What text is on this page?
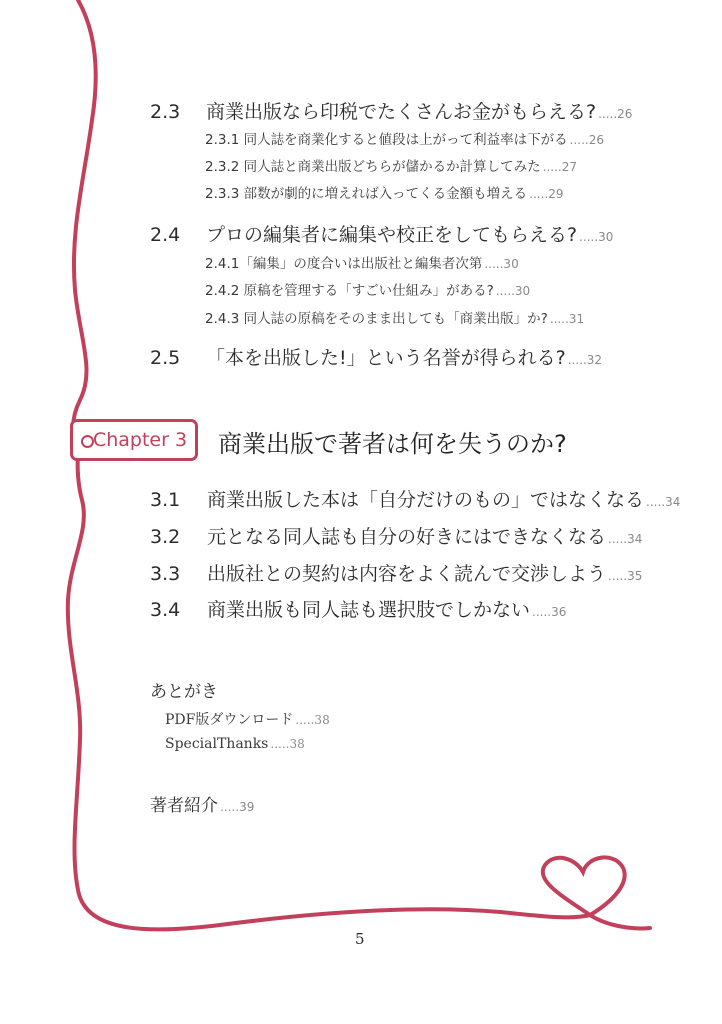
2.3	商業出版なら印税でたくさんお金がもらえる? .....26
2.3.1 同人誌を商業化すると値段は上がって利益率は下がる .....26
2.3.2 同人誌と商業出版どちらが儲かるか計算してみた .....27
2.3.3 部数が劇的に増えれば入ってくる金額も増える .....29
2.4	プロの編集者に編集や校正をしてもらえる? .....30
2.4.1「編集」の度合いは出版社と編集者次第 .....30
2.4.2 原稿を管理する「すごい仕組み」がある? .....30
2.4.3 同人誌の原稿をそのまま出しても「商業出版」か? .....31
2.5	「本を出版した!」という名誉が得られる? .....32
Chapter 3 商業出版で著者は何を失うのか?
3.1	商業出版した本は「自分だけのもの」ではなくなる .....34
3.2	元となる同人誌も自分の好きにはできなくなる .....34
3.3	出版社との契約は内容をよく読んで交渉しよう .....35
3.4	商業出版も同人誌も選択肢でしかない .....36
あとがき
PDF版ダウンロード .....38
SpecialThanks .....38
著者紹介 .....39
5
